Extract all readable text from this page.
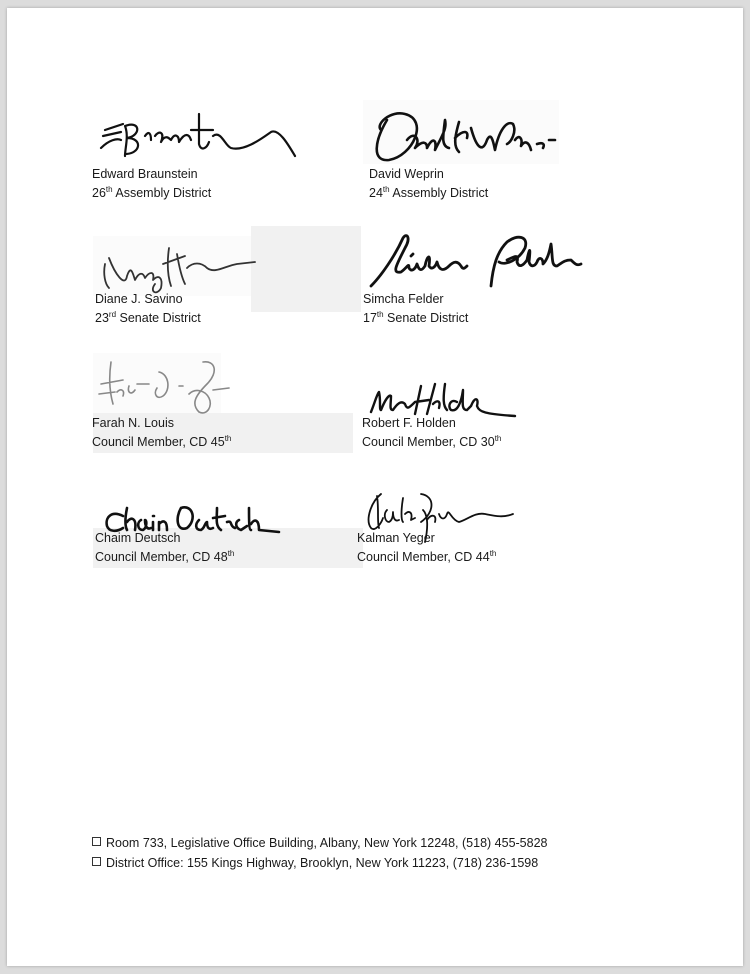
Edward Braunstein
26th Assembly District
David Weprin
24th Assembly District
Diane J. Savino
23rd Senate District
Simcha Felder
17th Senate District
Farah N. Louis
Council Member, CD 45th
Robert F. Holden
Council Member, CD 30th
Chaim Deutsch
Council Member, CD 48th
Kalman Yeger
Council Member, CD 44th
Room 733, Legislative Office Building, Albany, New York 12248, (518) 455-5828
District Office: 155 Kings Highway, Brooklyn, New York 11223, (718) 236-1598
